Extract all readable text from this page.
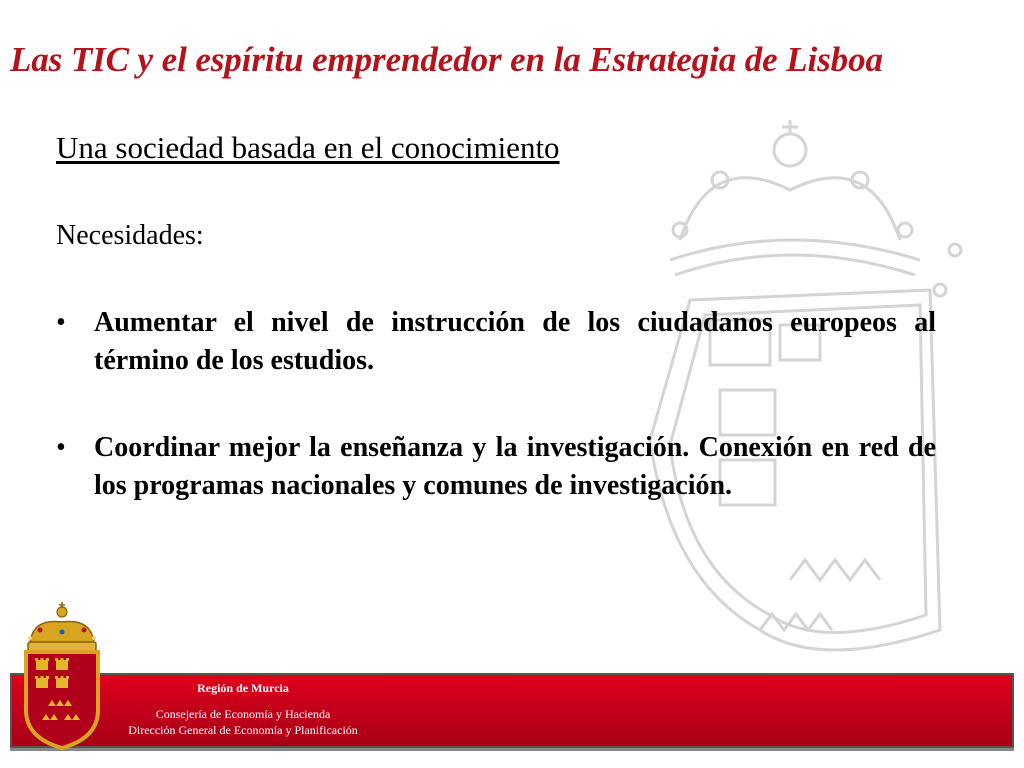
Las TIC y el espíritu emprendedor en la Estrategia de Lisboa
Una sociedad basada en el conocimiento

Necesidades:

• Aumentar el nivel de instrucción de los ciudadanos europeos al término de los estudios.
• Coordinar mejor la enseñanza y la investigación. Conexión en red de los programas nacionales y comunes de investigación.
Región de Murcia
Consejería de Economía y Hacienda
Dirección General de Economía y Planificación
